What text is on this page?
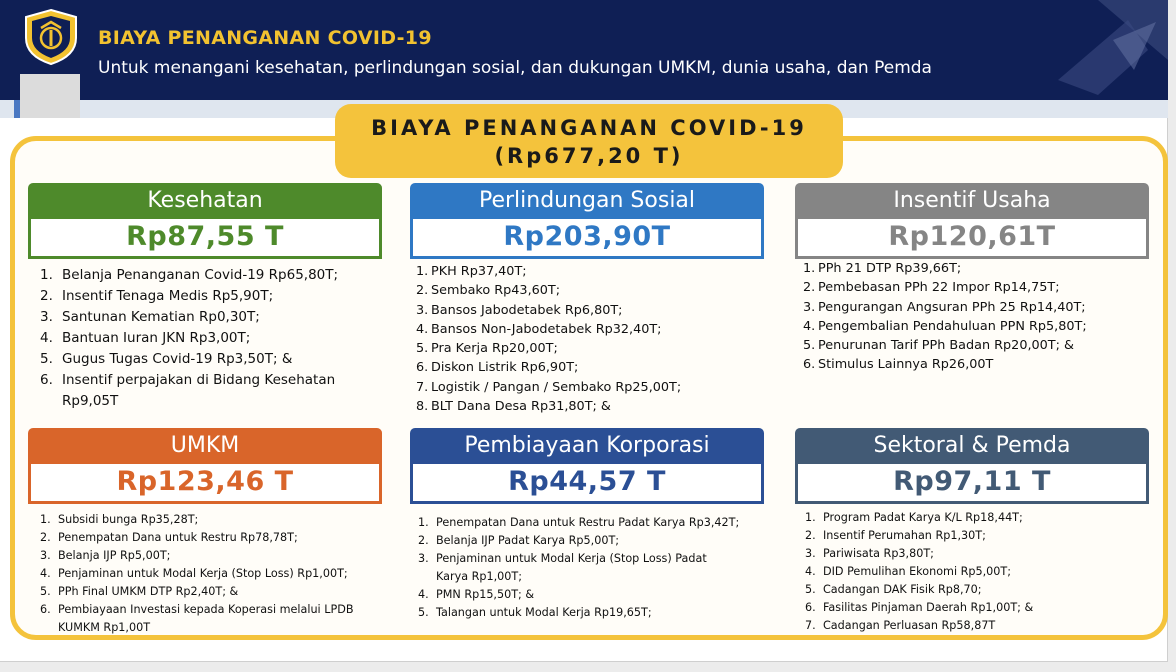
BIAYA PENANGANAN COVID-19
Untuk menangani kesehatan, perlindungan sosial, dan dukungan UMKM, dunia usaha, dan Pemda
BIAYA PENANGANAN COVID-19
(Rp677,20 T)
Kesehatan
Rp87,55 T
1. Belanja Penanganan Covid-19 Rp65,80T;
2. Insentif Tenaga Medis Rp5,90T;
3. Santunan Kematian Rp0,30T;
4. Bantuan Iuran JKN Rp3,00T;
5. Gugus Tugas Covid-19 Rp3,50T; &
6. Insentif perpajakan di Bidang Kesehatan
Rp9,05T
Perlindungan Sosial
Rp203,90T
1. PKH Rp37,40T;
2. Sembako Rp43,60T;
3. Bansos Jabodetabek Rp6,80T;
4. Bansos Non-Jabodetabek Rp32,40T;
5. Pra Kerja Rp20,00T;
6. Diskon Listrik Rp6,90T;
7. Logistik / Pangan / Sembako Rp25,00T;
8. BLT Dana Desa Rp31,80T; &
Insentif Usaha
Rp120,61T
1. PPh 21 DTP Rp39,66T;
2. Pembebasan PPh 22 Impor Rp14,75T;
3. Pengurangan Angsuran PPh 25 Rp14,40T;
4. Pengembalian Pendahuluan PPN Rp5,80T;
5. Penurunan Tarif PPh Badan Rp20,00T; &
6. Stimulus Lainnya Rp26,00T
UMKM
Rp123,46 T
1. Subsidi bunga Rp35,28T;
2. Penempatan Dana untuk Restru Rp78,78T;
3. Belanja IJP Rp5,00T;
4. Penjaminan untuk Modal Kerja (Stop Loss) Rp1,00T;
5. PPh Final UMKM DTP Rp2,40T; &
6. Pembiayaan Investasi kepada Koperasi melalui LPDB
KUMKM Rp1,00T
Pembiayaan Korporasi
Rp44,57 T
1. Penempatan Dana untuk Restru Padat Karya Rp3,42T;
2. Belanja IJP Padat Karya Rp5,00T;
3. Penjaminan untuk Modal Kerja (Stop Loss) Padat
Karya Rp1,00T;
4. PMN Rp15,50T; &
5. Talangan untuk Modal Kerja Rp19,65T;
Sektoral & Pemda
Rp97,11 T
1. Program Padat Karya K/L Rp18,44T;
2. Insentif Perumahan Rp1,30T;
3. Pariwisata Rp3,80T;
4. DID Pemulihan Ekonomi Rp5,00T;
5. Cadangan DAK Fisik Rp8,70;
6. Fasilitas Pinjaman Daerah Rp1,00T; &
7. Cadangan Perluasan Rp58,87T
